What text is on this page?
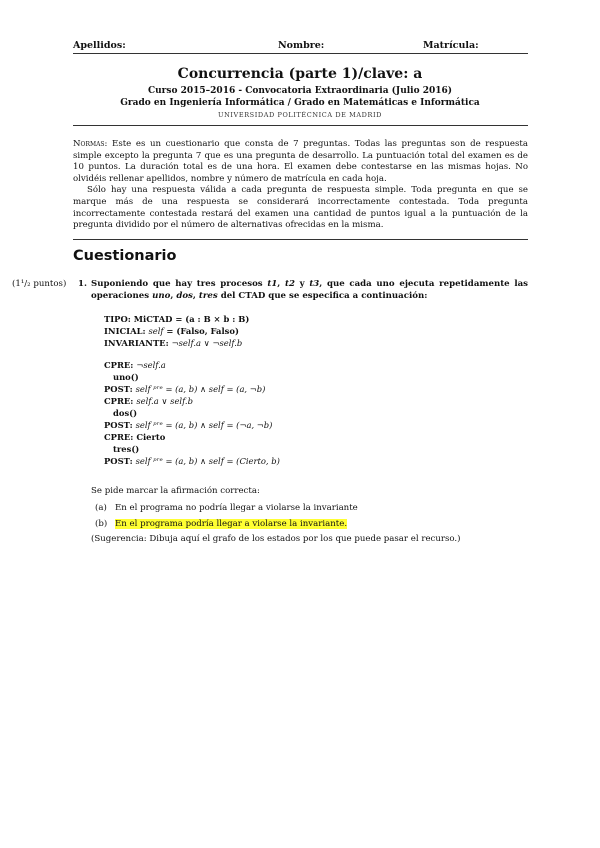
Apellidos:	Nombre:	Matrícula:
Concurrencia (parte 1)/clave: a
Curso 2015–2016 - Convocatoria Extraordinaria (Julio 2016)
Grado en Ingeniería Informática / Grado en Matemáticas e Informática
UNIVERSIDAD POLITÉCNICA DE MADRID

Normas: Este es un cuestionario que consta de 7 preguntas. Todas las preguntas son de respuesta simple excepto la pregunta 7 que es una pregunta de desarrollo. La puntuación total del examen es de 10 puntos. La duración total es de una hora. El examen debe contestarse en las mismas hojas. No olvidéis rellenar apellidos, nombre y número de matrícula en cada hoja.

Sólo hay una respuesta válida a cada pregunta de respuesta simple. Toda pregunta en que se marque más de una respuesta se considerará incorrectamente contestada. Toda pregunta incorrectamente contestada restará del examen una cantidad de puntos igual a la puntuación de la pregunta dividido por el número de alternativas ofrecidas en la misma.

Cuestionario
(1¹/₂ puntos) 1. Suponiendo que hay tres procesos t1, t2 y t3, que cada uno ejecuta repetidamente las operaciones uno, dos, tres del CTAD que se especifica a continuación:
TIPO: MiCTAD = (a : B × b : B)
INICIAL: self = (Falso, Falso)
INVARIANTE: ¬self.a ∨ ¬self.b
CPRE: ¬self.a
uno()
POST: self ᵖʳᵉ = (a, b) ∧ self = (a, ¬b)
CPRE: self.a ∨ self.b
dos()
POST: self ᵖʳᵉ = (a, b) ∧ self = (¬a, ¬b)
CPRE: Cierto
tres()
POST: self ᵖʳᵉ = (a, b) ∧ self = (Cierto, b)
Se pide marcar la afirmación correcta:
(a) En el programa no podría llegar a violarse la invariante
(b) En el programa podría llegar a violarse la invariante.
(Sugerencia: Dibuja aquí el grafo de los estados por los que puede pasar el recurso.)
